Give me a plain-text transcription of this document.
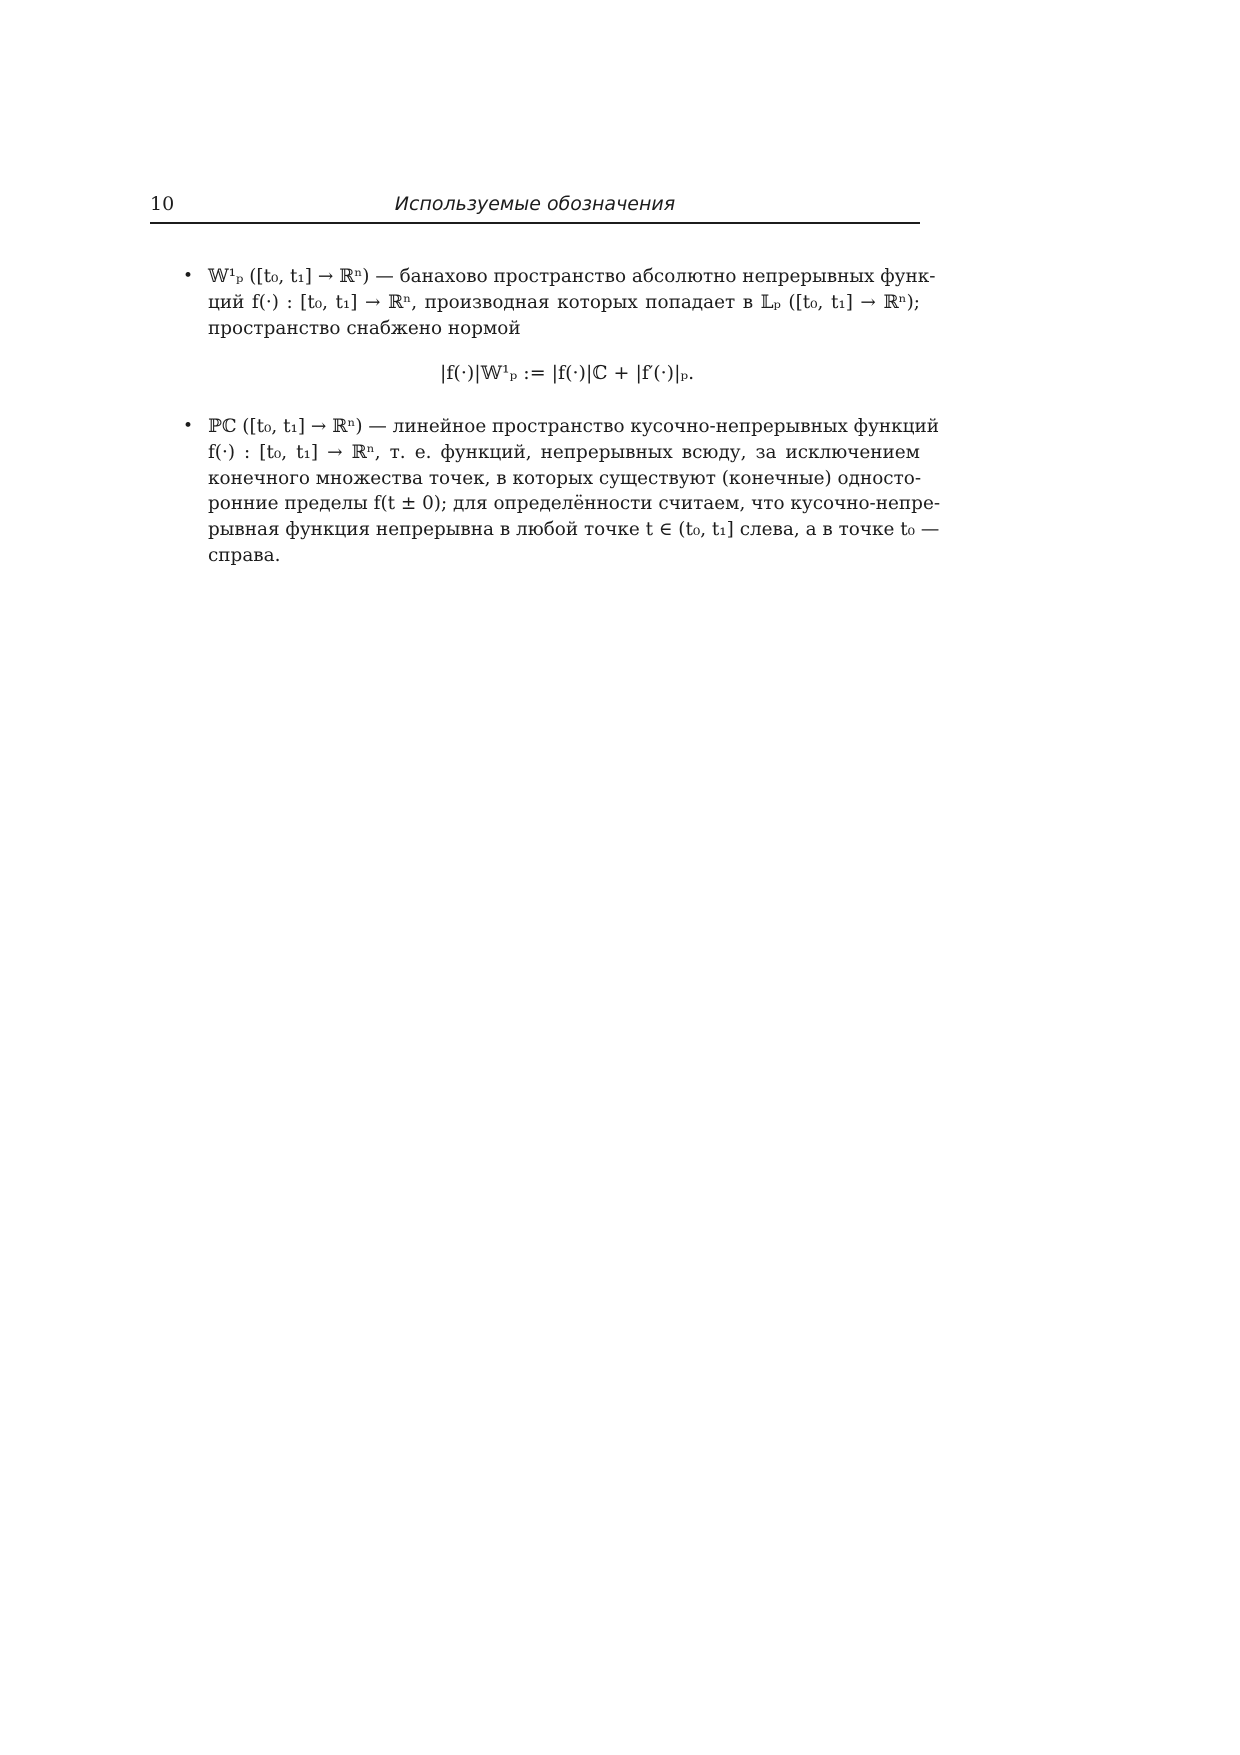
10	Используемые обозначения
• 𝕎¹ₚ ([t₀, t₁] → ℝⁿ) — банахово пространство абсолютно непрерывных функ-
ций f(·) : [t₀, t₁] → ℝⁿ, производная которых попадает в 𝕃ₚ ([t₀, t₁] → ℝⁿ);
пространство снабжено нормой
|f(·)|𝕎¹ₚ := |f(·)|ℂ + |f′(·)|ₚ.
• ℙℂ ([t₀, t₁] → ℝⁿ) — линейное пространство кусочно-непрерывных функций
f(·) : [t₀, t₁] → ℝⁿ, т. е. функций, непрерывных всюду, за исключением
конечного множества точек, в которых существуют (конечные) односто-
ронние пределы f(t ± 0); для определённости считаем, что кусочно-непре-
рывная функция непрерывна в любой точке t ∈ (t₀, t₁] слева, а в точке t₀ —
справа.
